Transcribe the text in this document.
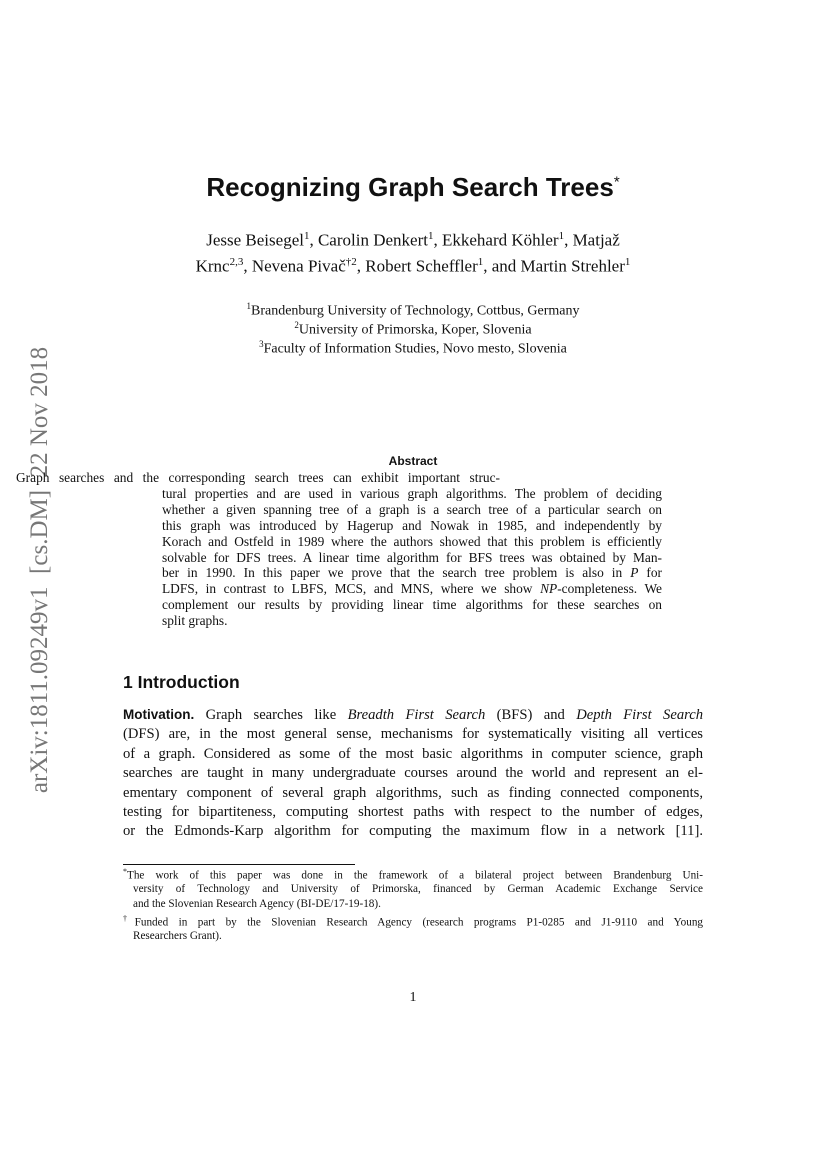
arXiv:1811.09249v1  [cs.DM]  22 Nov 2018
Recognizing Graph Search Trees*
Jesse Beisegel$^1$, Carolin Denkert$^1$, Ekkehard Köhler$^1$, Matjaž
Krnc$^{2,3}$, Nevena Pivač$^{\dagger 2}$, Robert Scheffler$^1$, and Martin Strehler$^1$
$^1$Brandenburg University of Technology, Cottbus, Germany
$^2$University of Primorska, Koper, Slovenia
$^3$Faculty of Information Studies, Novo mesto, Slovenia
Abstract
Graph searches and the corresponding search trees can exhibit important struc-
tural properties and are used in various graph algorithms. The problem of deciding
whether a given spanning tree of a graph is a search tree of a particular search on
this graph was introduced by Hagerup and Nowak in 1985, and independently by
Korach and Ostfeld in 1989 where the authors showed that this problem is efficiently
solvable for DFS trees. A linear time algorithm for BFS trees was obtained by Man-
ber in 1990. In this paper we prove that the search tree problem is also in P for
LDFS, in contrast to LBFS, MCS, and MNS, where we show NP-completeness. We
complement our results by providing linear time algorithms for these searches on
split graphs.
1 Introduction
Motivation. Graph searches like Breadth First Search (BFS) and Depth First Search
(DFS) are, in the most general sense, mechanisms for systematically visiting all vertices
of a graph. Considered as some of the most basic algorithms in computer science, graph
searches are taught in many undergraduate courses around the world and represent an el-
ementary component of several graph algorithms, such as finding connected components,
testing for bipartiteness, computing shortest paths with respect to the number of edges,
or the Edmonds-Karp algorithm for computing the maximum flow in a network [11].
*The work of this paper was done in the framework of a bilateral project between Brandenburg Uni-
versity of Technology and University of Primorska, financed by German Academic Exchange Service
and the Slovenian Research Agency (BI-DE/17-19-18).
†Funded in part by the Slovenian Research Agency (research programs P1-0285 and J1-9110 and Young
Researchers Grant).
1
